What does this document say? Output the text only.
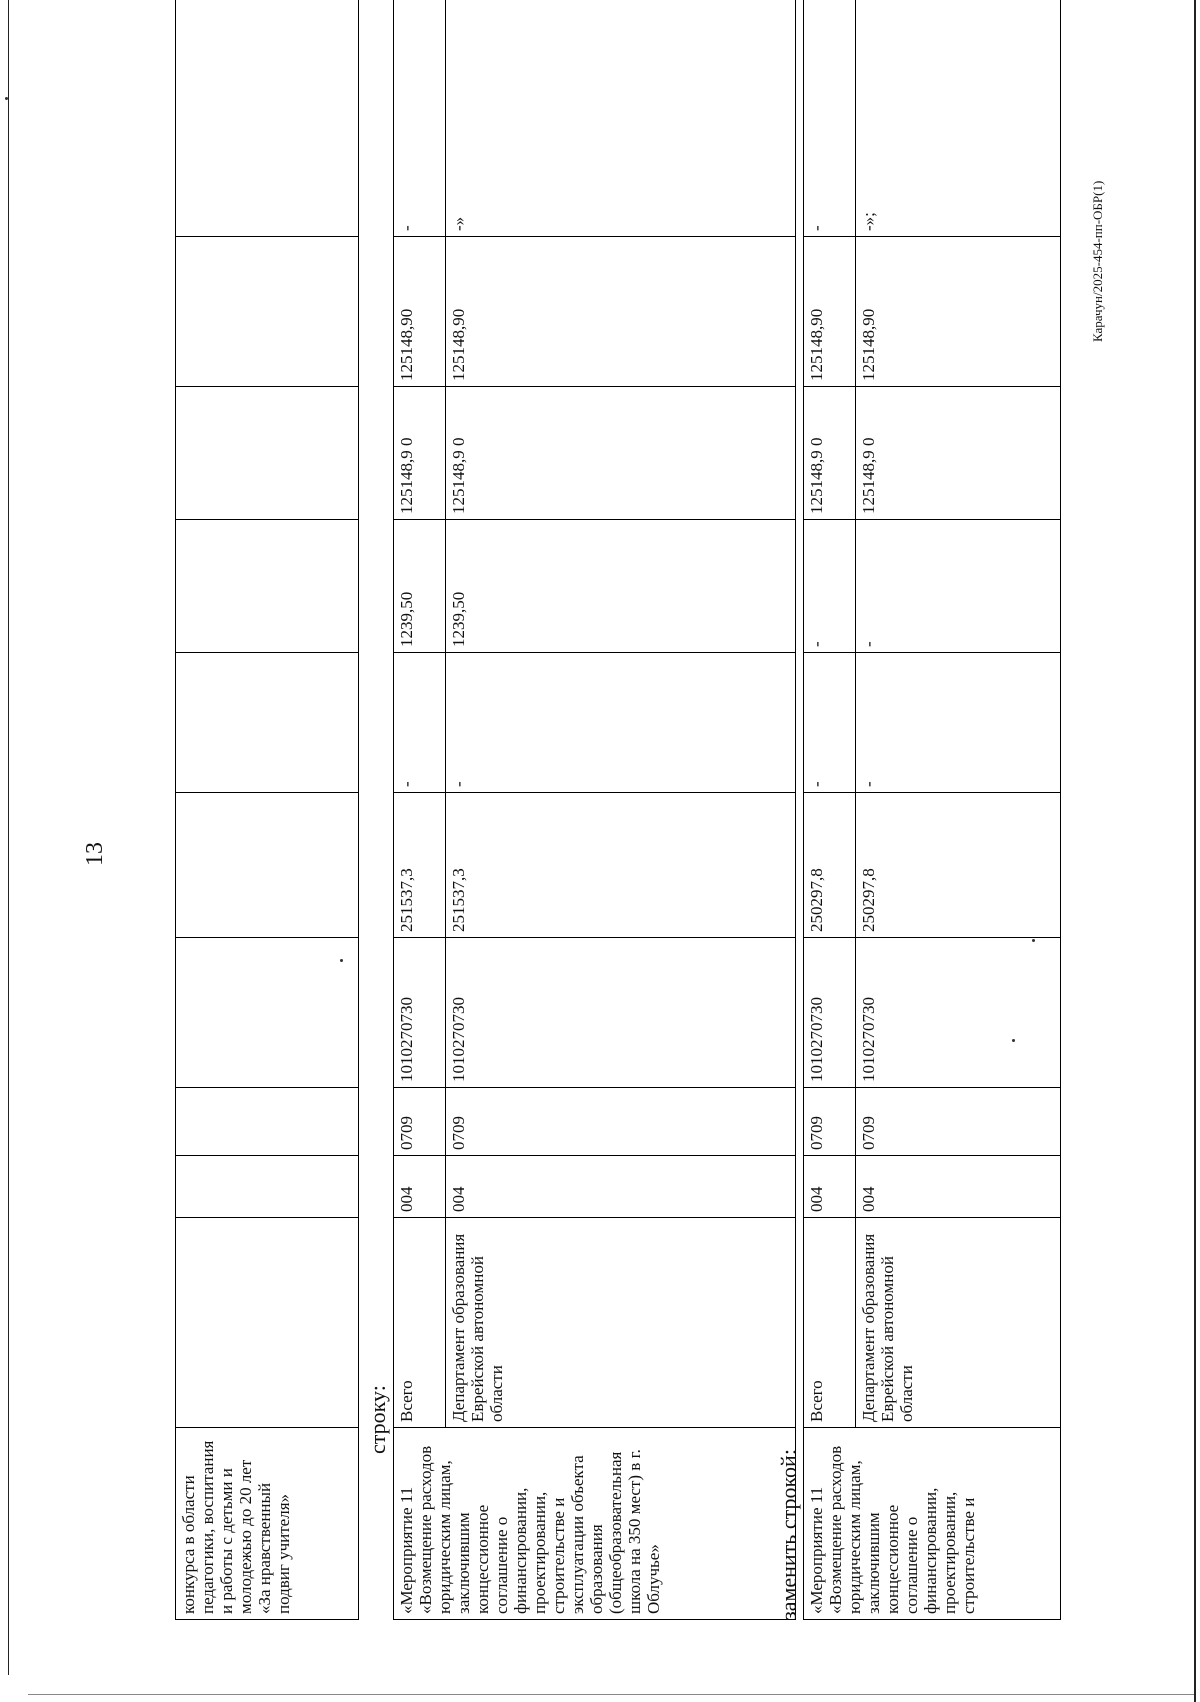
13
конкурса в области педагогики, воспитания и работы с детьми и молодежью до 20 лет «За нравственный подвиг учителя»										
строку:
«Мероприятие 11 «Возмещение расходов юридическим лицам, заключившим концессионное соглашение о финансировании, проектировании, строительстве и эксплуатации объекта образования (общеобразовательная школа на 350 мест) в г. Облучье»	Всего	004	0709	1010270730	251537,3	-	1239,50	125148,9 0	125148,90	-
	Департамент образования Еврейской автономной области	004	0709	1010270730	251537,3	-	1239,50	125148,9 0	125148,90	-»
заменить строкой: «Мероприятие 11 «Возмещение расходов юридическим лицам, заключившим концессионное соглашение о финансировании, проектировании, строительстве и	Всего	004	0709	1010270730	250297,8	-	-	125148,9 0	125148,90	-
	Департамент образования Еврейской автономной области	004	0709	1010270730	250297,8	-	-	125148,9 0	125148,90	-»;	Карачун/2025-454-пп-ОБР(1)
